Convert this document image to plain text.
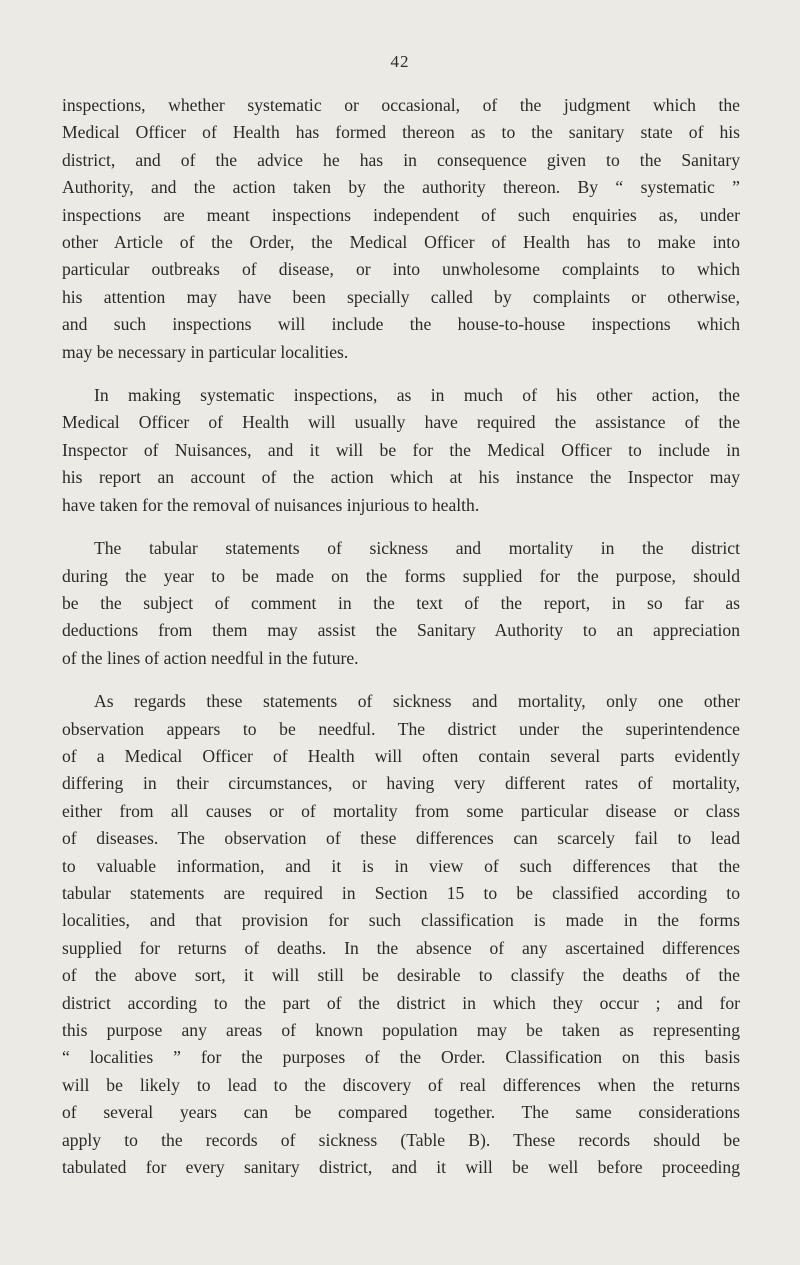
42

inspections, whether systematic or occasional, of the judgment which the
Medical Officer of Health has formed thereon as to the sanitary state of his
district, and of the advice he has in consequence given to the Sanitary
Authority, and the action taken by the authority thereon. By “ systematic ”
inspections are meant inspections independent of such enquiries as, under
other Article of the Order, the Medical Officer of Health has to make into
particular outbreaks of disease, or into unwholesome complaints to which
his attention may have been specially called by complaints or otherwise,
and such inspections will include the house-to-house inspections which
may be necessary in particular localities.

In making systematic inspections, as in much of his other action, the
Medical Officer of Health will usually have required the assistance of the
Inspector of Nuisances, and it will be for the Medical Officer to include in
his report an account of the action which at his instance the Inspector may
have taken for the removal of nuisances injurious to health.

The tabular statements of sickness and mortality in the district
during the year to be made on the forms supplied for the purpose, should
be the subject of comment in the text of the report, in so far as
deductions from them may assist the Sanitary Authority to an appreciation
of the lines of action needful in the future.

As regards these statements of sickness and mortality, only one other
observation appears to be needful. The district under the superintendence
of a Medical Officer of Health will often contain several parts evidently
differing in their circumstances, or having very different rates of mortality,
either from all causes or of mortality from some particular disease or class
of diseases. The observation of these differences can scarcely fail to lead
to valuable information, and it is in view of such differences that the
tabular statements are required in Section 15 to be classified according to
localities, and that provision for such classification is made in the forms
supplied for returns of deaths. In the absence of any ascertained differences
of the above sort, it will still be desirable to classify the deaths of the
district according to the part of the district in which they occur ; and for
this purpose any areas of known population may be taken as representing
“ localities ” for the purposes of the Order. Classification on this basis
will be likely to lead to the discovery of real differences when the returns
of several years can be compared together. The same considerations
apply to the records of sickness (Table B). These records should be
tabulated for every sanitary district, and it will be well before proceeding
